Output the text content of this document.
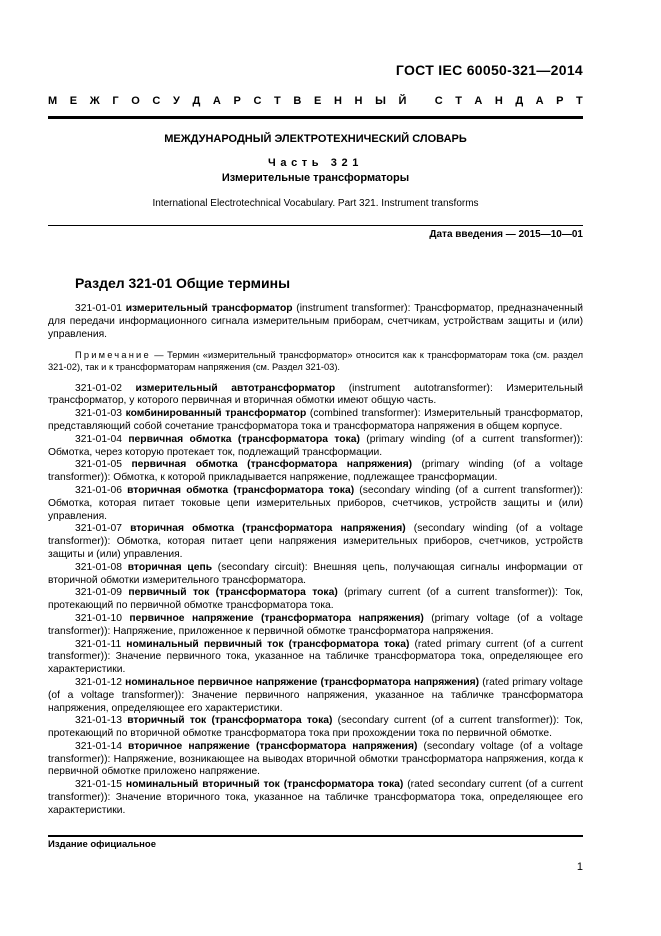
ГОСТ IEC 60050-321—2014
М Е Ж Г О С У Д А Р С Т В Е Н Н Ы Й
	С Т А Н Д А Р Т
МЕЖДУНАРОДНЫЙ ЭЛЕКТРОТЕХНИЧЕСКИЙ СЛОВАРЬ
Часть 321
Измерительные трансформаторы
International Electrotechnical Vocabulary. Part 321. Instrument transforms
Дата введения — 2015—10—01
Раздел 321-01 Общие термины

321-01-01 измерительный трансформатор (instrument transformer): Трансформатор, предназначенный для передачи информационного сигнала измерительным приборам, счетчикам, устройствам защиты и (или) управления.

Примечание — Термин «измерительный трансформатор» относится как к трансформаторам тока (см. раздел 321-02), так и к трансформаторам напряжения (см. Раздел 321-03).

321-01-02 измерительный автотрансформатор (instrument autotransformer): Измерительный трансформатор, у которого первичная и вторичная обмотки имеют общую часть.

321-01-03 комбинированный трансформатор (combined transformer): Измерительный трансформатор, представляющий собой сочетание трансформатора тока и трансформатора напряжения в общем корпусе.

321-01-04 первичная обмотка (трансформатора тока) (primary winding (of a current transformer)): Обмотка, через которую протекает ток, подлежащий трансформации.

321-01-05 первичная обмотка (трансформатора напряжения) (primary winding (of a voltage transformer)): Обмотка, к которой прикладывается напряжение, подлежащее трансформации.

321-01-06 вторичная обмотка (трансформатора тока) (secondary winding (of a current transformer)): Обмотка, которая питает токовые цепи измерительных приборов, счетчиков, устройств защиты и (или) управления.

321-01-07 вторичная обмотка (трансформатора напряжения) (secondary winding (of a voltage transformer)): Обмотка, которая питает цепи напряжения измерительных приборов, счетчиков, устройств защиты и (или) управления.

321-01-08 вторичная цепь (secondary circuit): Внешняя цепь, получающая сигналы информации от вторичной обмотки измерительного трансформатора.

321-01-09 первичный ток (трансформатора тока) (primary current (of a current transformer)): Ток, протекающий по первичной обмотке трансформатора тока.

321-01-10 первичное напряжение (трансформатора напряжения) (primary voltage (of a voltage transformer)): Напряжение, приложенное к первичной обмотке трансформатора напряжения.

321-01-11 номинальный первичный ток (трансформатора тока) (rated primary current (of a current transformer)): Значение первичного тока, указанное на табличке трансформатора тока, определяющее его характеристики.

321-01-12 номинальное первичное напряжение (трансформатора напряжения) (rated primary voltage (of a voltage transformer)): Значение первичного напряжения, указанное на табличке трансформатора напряжения, определяющее его характеристики.

321-01-13 вторичный ток (трансформатора тока) (secondary current (of a current transformer)): Ток, протекающий по вторичной обмотке трансформатора тока при прохождении тока по первичной обмотке.

321-01-14 вторичное напряжение (трансформатора напряжения) (secondary voltage (of a voltage transformer)): Напряжение, возникающее на выводах вторичной обмотки трансформатора напряжения, когда к первичной обмотке приложено напряжение.

321-01-15 номинальный вторичный ток (трансформатора тока) (rated secondary current (of a current transformer)): Значение вторичного тока, указанное на табличке трансформатора тока, определяющее его характеристики.

Издание официальное
1
